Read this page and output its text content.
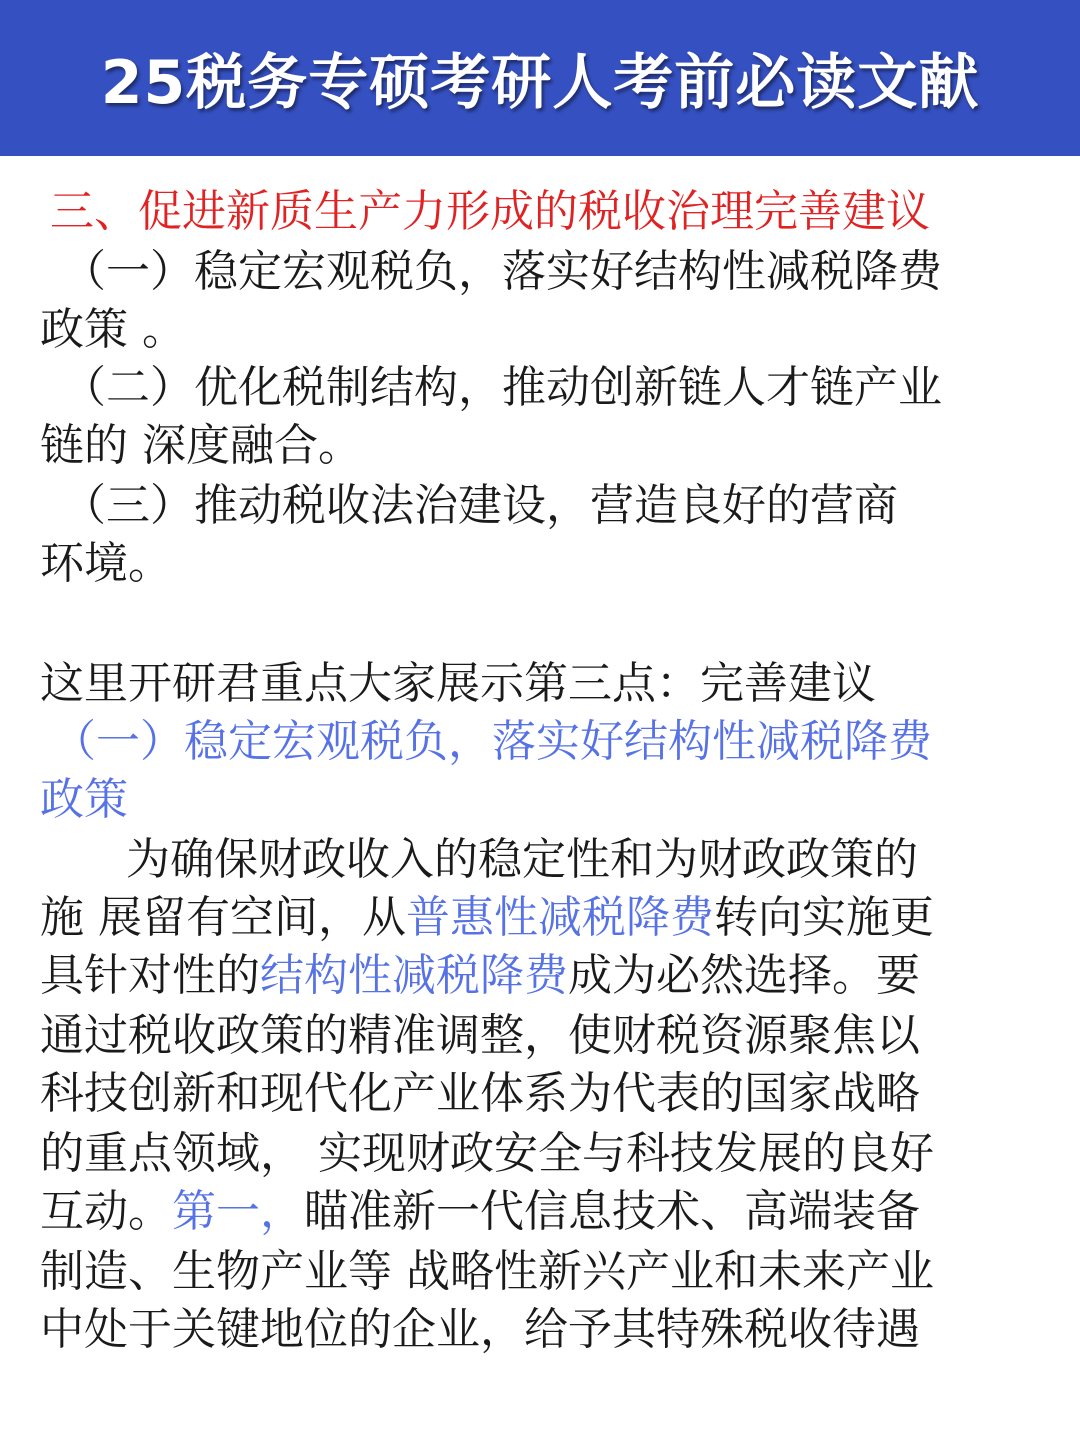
25税务专硕考研人考前必读文献
三、促进新质生产力形成的税收治理完善建议
（一）稳定宏观税负，落实好结构性减税降费
政策 。
（二）优化税制结构，推动创新链人才链产业
链的 深度融合。
（三）推动税收法治建设，营造良好的营商
环境。
这里开研君重点大家展示第三点：完善建议
（一）稳定宏观税负，落实好结构性减税降费
政策
为确保财政收入的稳定性和为财政政策的
施 展留有空间，从普惠性减税降费转向实施更
具针对性的结构性减税降费成为必然选择。要
通过税收政策的精准调整，使财税资源聚焦以
科技创新和现代化产业体系为代表的国家战略
的重点领域， 实现财政安全与科技发展的良好
互动。第一，瞄准新一代信息技术、高端装备
制造、生物产业等 战略性新兴产业和未来产业
中处于关键地位的企业，给予其特殊税收待遇
